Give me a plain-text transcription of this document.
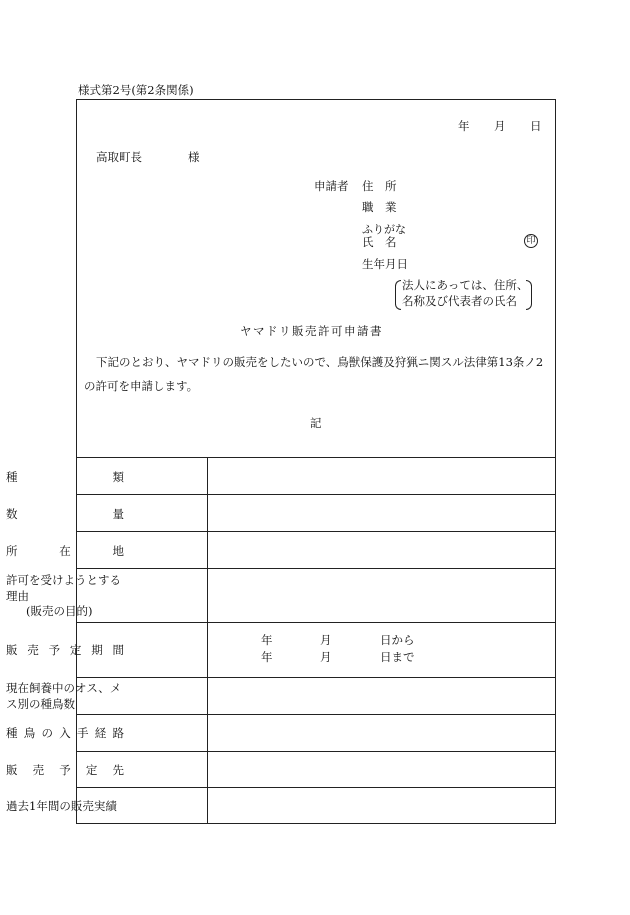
様式第2号(第2条関係)
年 月 日
高取町長	様
申請者 住　所
職　業
ふりがな
氏　名	印
生年月日
法人にあっては、住所、
名称及び代表者の氏名
ヤマドリ販売許可申請書
下記のとおり、ヤマドリの販売をしたいので、鳥獣保護及狩猟ニ関スル法律第13条ノ2
の許可を申請します。
記
種	類
数	量
所	在	地
許可を受けようとする
理由
(販売の目的)
販 売 予 定 期 間
年	月	日から
年	月	日まで
現在飼養中のオス、メ
ス別の種鳥数
種 鳥 の 入 手 経 路
販 売 予 定 先
過去1年間の販売実績
